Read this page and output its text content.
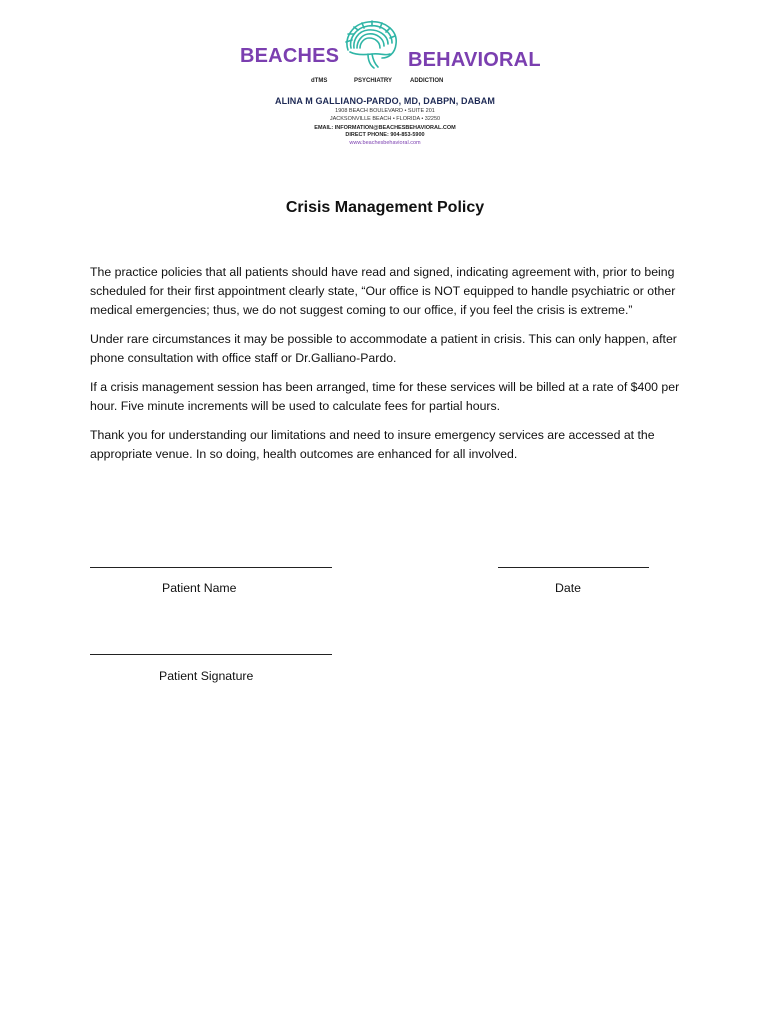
BEACHES	BEHAVIORAL
dTMS	PSYCHIATRY	ADDICTION
ALINA M GALLIANO-PARDO, MD, DABPN, DABAM
1908 BEACH BOULEVARD • SUITE 201
JACKSONVILLE BEACH • FLORIDA • 32250
EMAIL: INFORMATION@BEACHESBEHAVIORAL.COM
DIRECT PHONE: 904-853-5900
www.beachesbehavioral.com
Crisis Management Policy

The practice policies that all patients should have read and signed, indicating agreement with, prior to being scheduled for their first appointment clearly state, “Our office is NOT equipped to handle psychiatric or other medical emergencies; thus, we do not suggest coming to our office, if you feel the crisis is extreme.”

Under rare circumstances it may be possible to accommodate a patient in crisis. This can only happen, after phone consultation with office staff or Dr.Galliano-Pardo.

If a crisis management session has been arranged, time for these services will be billed at a rate of $400 per hour. Five minute increments will be used to calculate fees for partial hours.

Thank you for understanding our limitations and need to insure emergency services are accessed at the appropriate venue. In so doing, health outcomes are enhanced for all involved.

Patient Name	Date
Patient Signature
